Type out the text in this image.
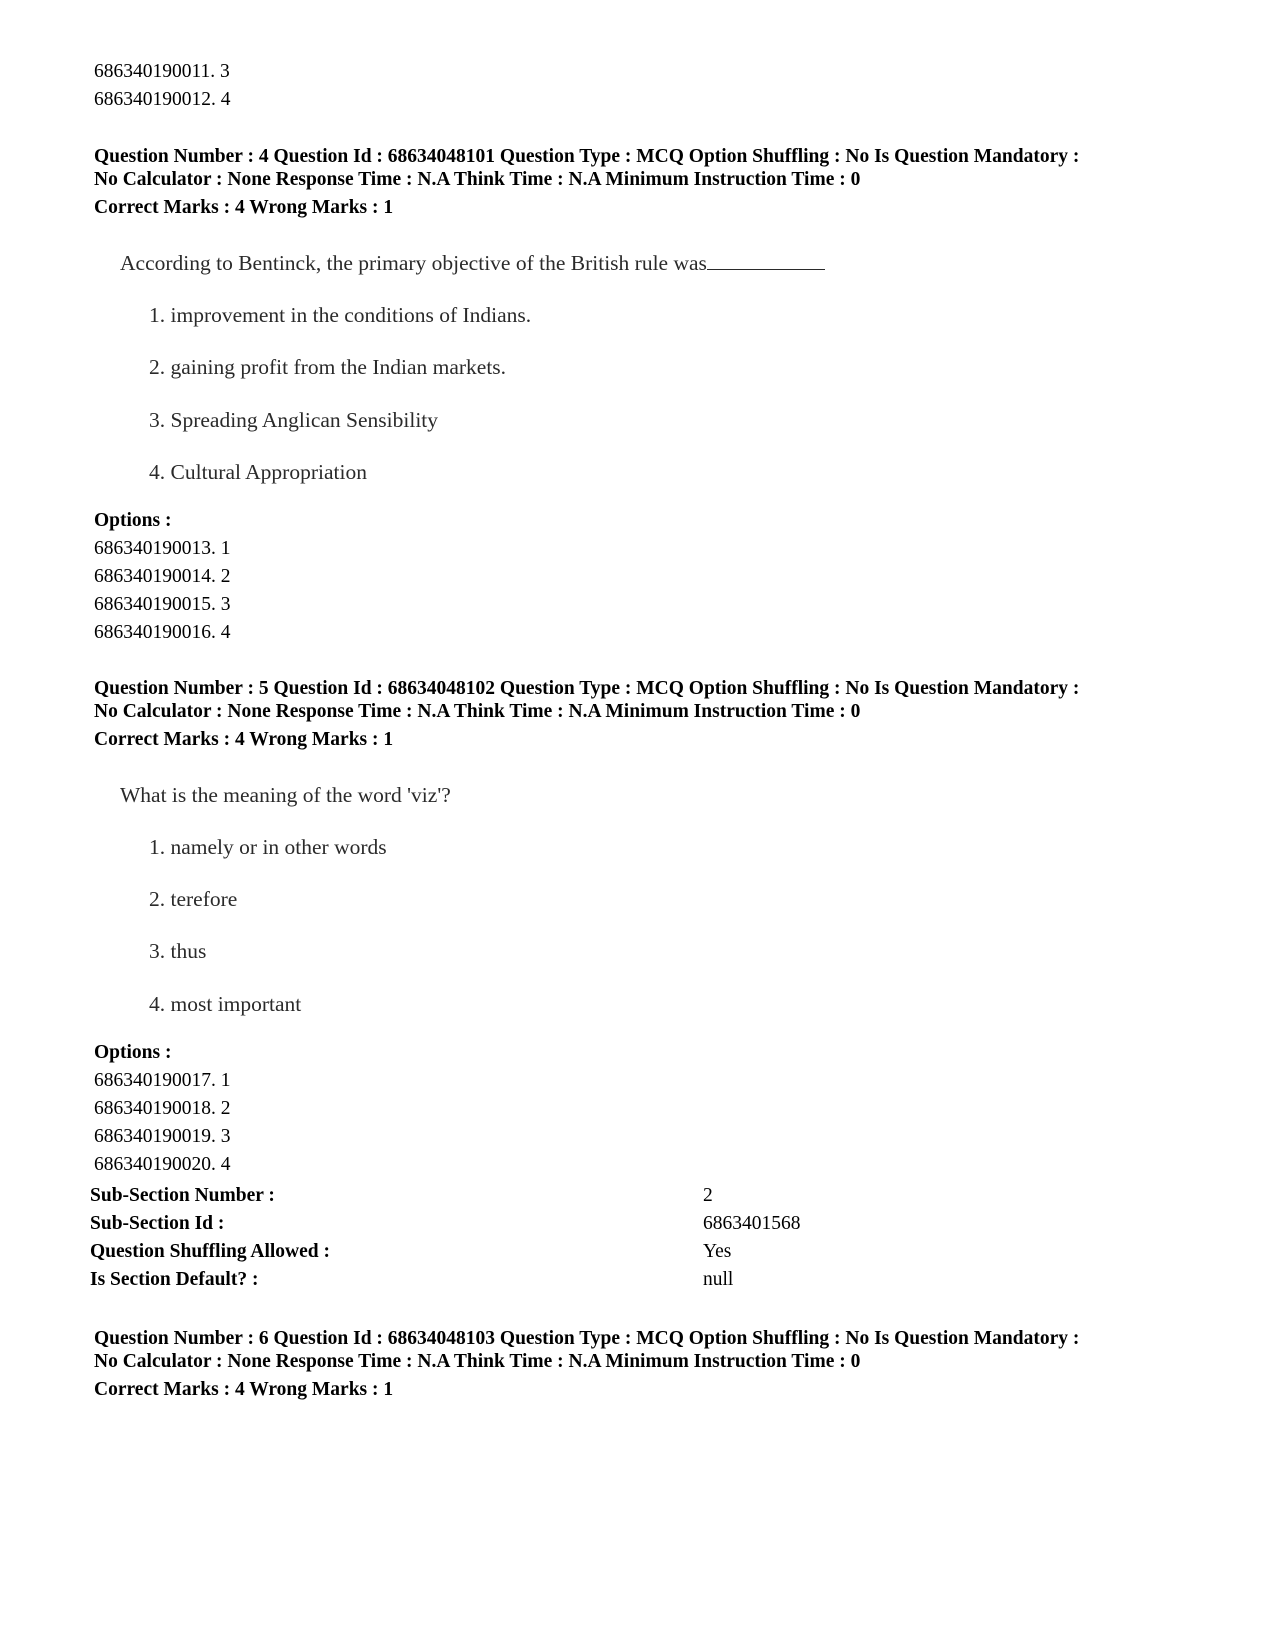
686340190011. 3
686340190012. 4
Question Number : 4 Question Id : 68634048101 Question Type : MCQ Option Shuffling : No Is Question Mandatory :
No Calculator : None Response Time : N.A Think Time : N.A Minimum Instruction Time : 0
Correct Marks : 4 Wrong Marks : 1
According to Bentinck, the primary objective of the British rule was
1. improvement in the conditions of Indians.
2. gaining profit from the Indian markets.
3. Spreading Anglican Sensibility
4. Cultural Appropriation
Options :
686340190013. 1
686340190014. 2
686340190015. 3
686340190016. 4
Question Number : 5 Question Id : 68634048102 Question Type : MCQ Option Shuffling : No Is Question Mandatory :
No Calculator : None Response Time : N.A Think Time : N.A Minimum Instruction Time : 0
Correct Marks : 4 Wrong Marks : 1
What is the meaning of the word 'viz'?
1. namely or in other words
2. terefore
3. thus
4. most important
Options :
686340190017. 1
686340190018. 2
686340190019. 3
686340190020. 4
Sub-Section Number :	2
Sub-Section Id :	6863401568
Question Shuffling Allowed :	Yes
Is Section Default? :	null
Question Number : 6 Question Id : 68634048103 Question Type : MCQ Option Shuffling : No Is Question Mandatory :
No Calculator : None Response Time : N.A Think Time : N.A Minimum Instruction Time : 0
Correct Marks : 4 Wrong Marks : 1
